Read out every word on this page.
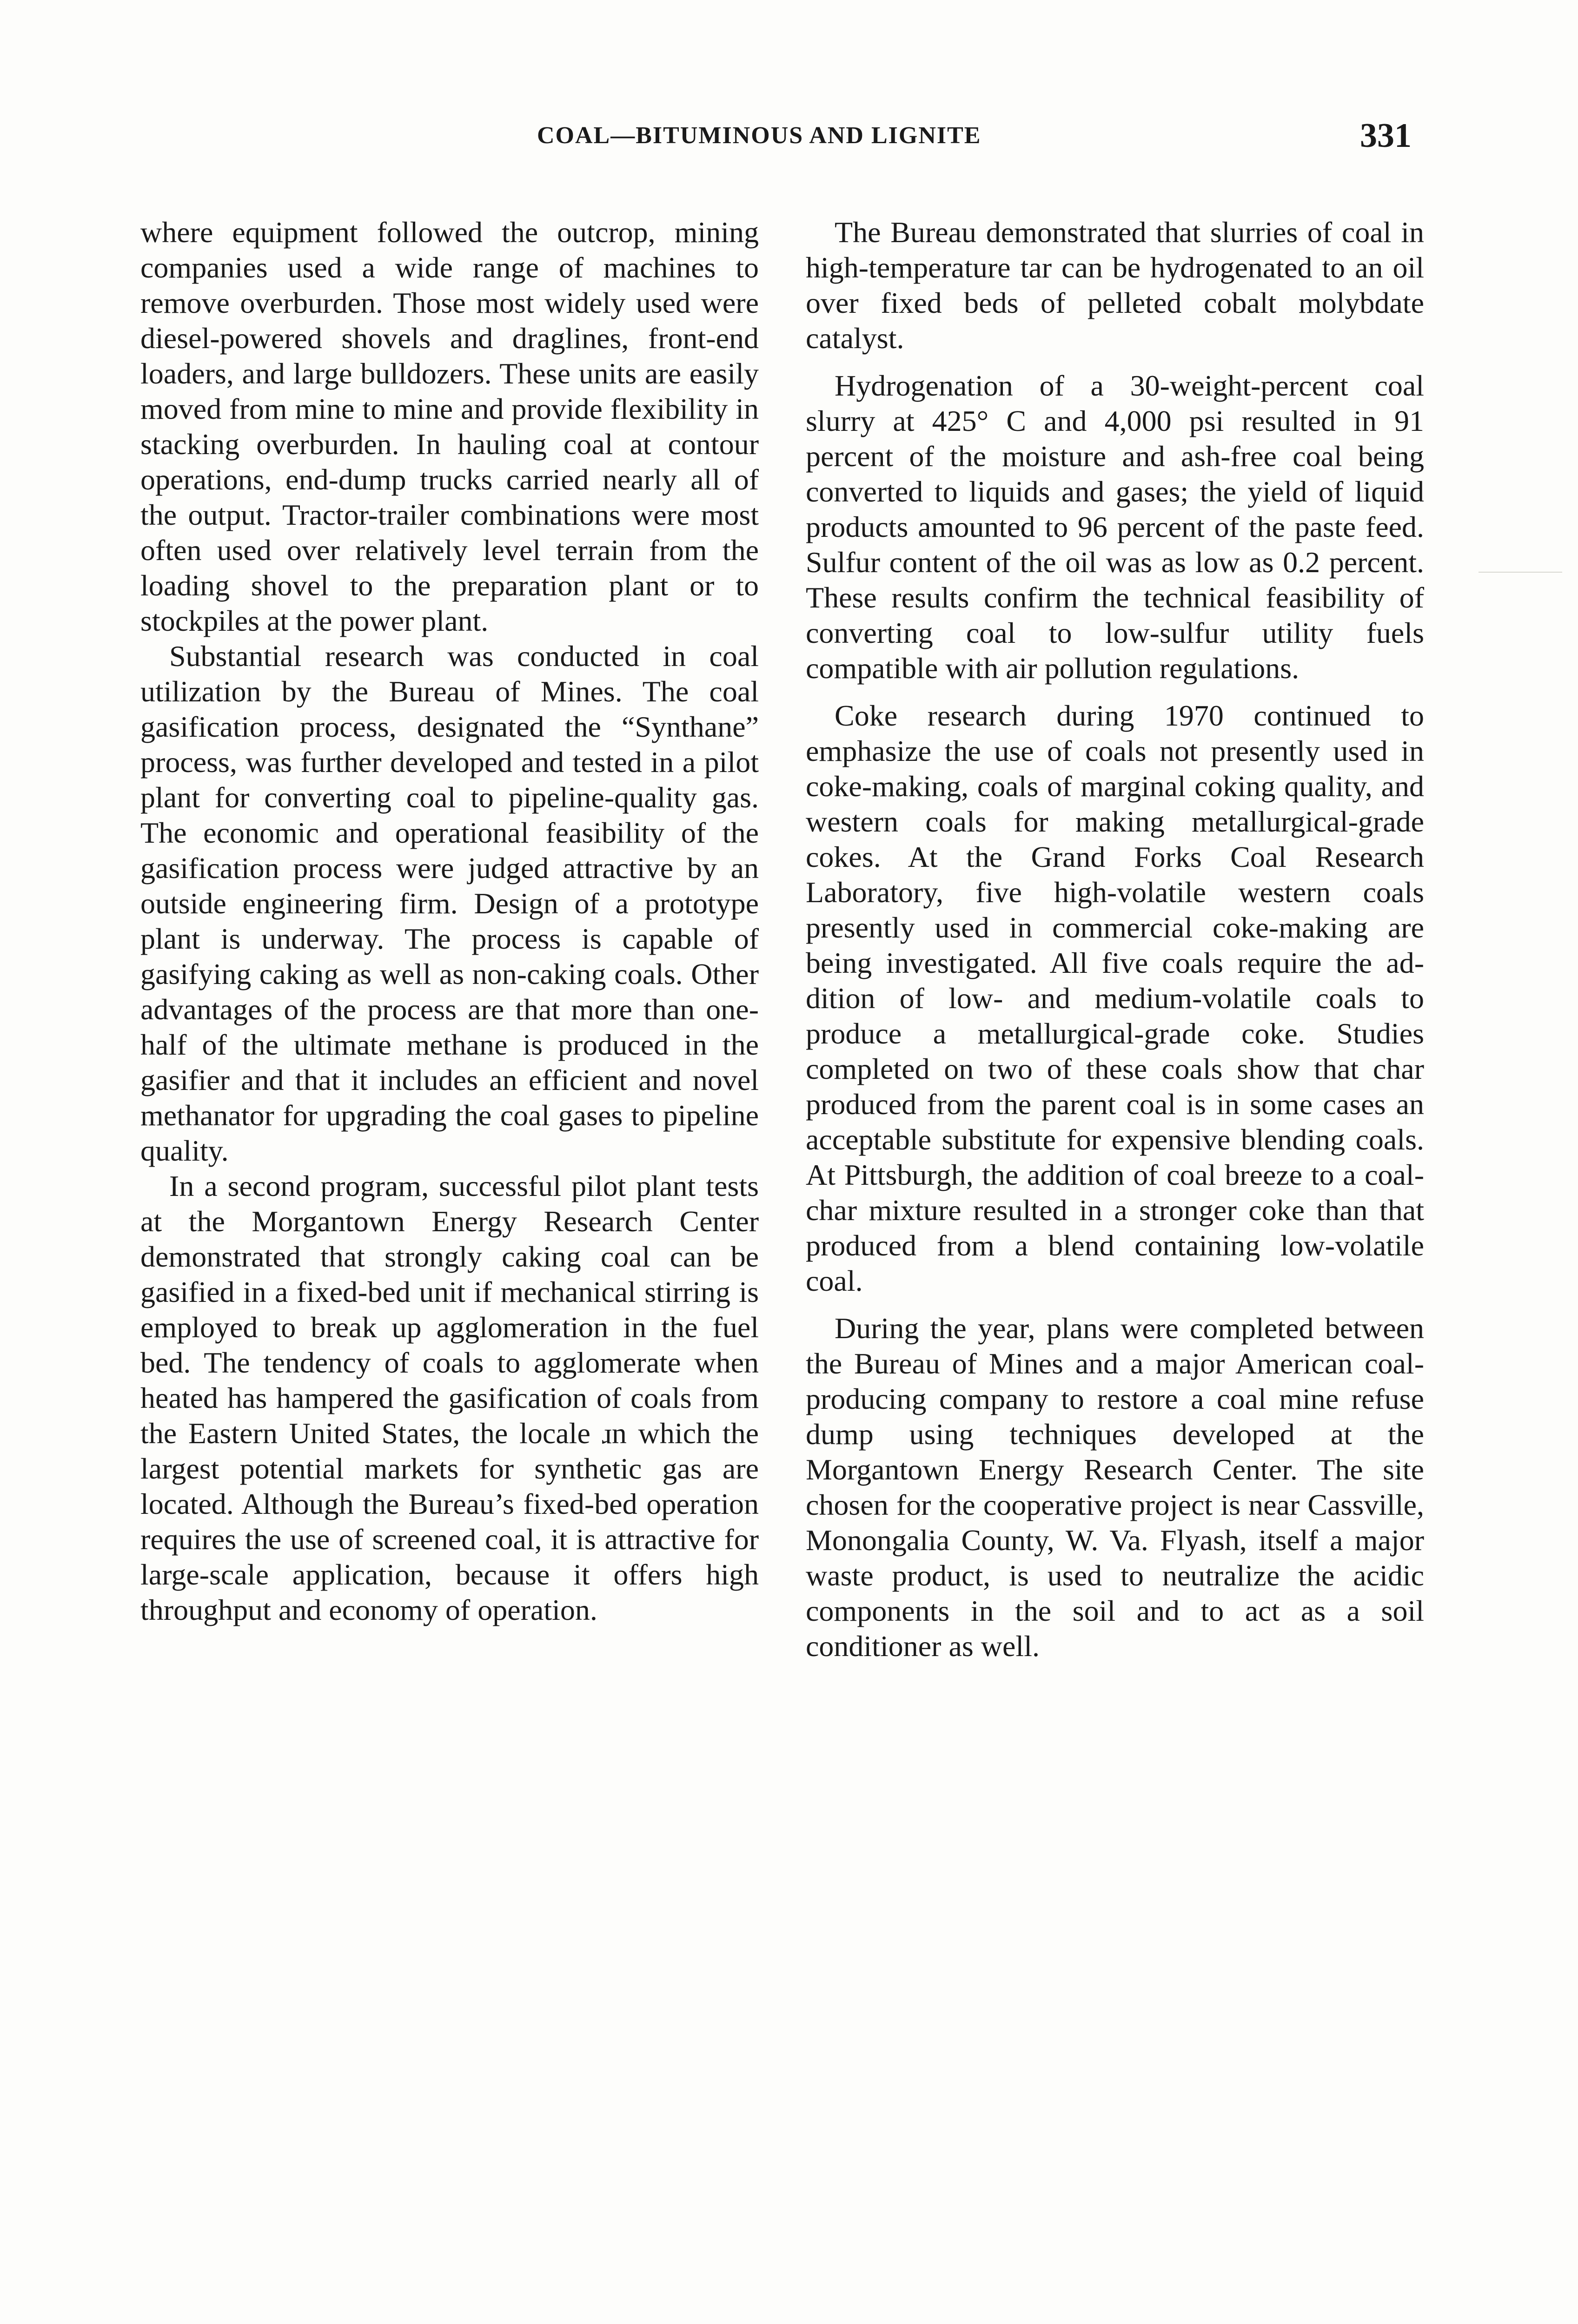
COAL—BITUMINOUS AND LIGNITE	331

where equipment followed the outcrop, mining companies used a wide range of machines to remove overburden. Those most widely used were diesel-powered shovels and draglines, front-end loaders, and large bulldozers. These units are easily moved from mine to mine and provide flexibility in stacking overburden. In hauling coal at contour operations, end-dump trucks carried nearly all of the output. Tractor-trailer combinations were most often used over relatively level terrain from the loading shovel to the preparation plant or to stockpiles at the power plant.

Substantial research was conducted in coal utilization by the Bureau of Mines. The coal gasification process, designated the “Synthane” process, was further developed and tested in a pilot plant for converting coal to pipeline-quality gas. The economic and operational feasibility of the gasification process were judged attractive by an outside engineering firm. Design of a prototype plant is underway. The process is capable of gasifying caking as well as non-caking coals. Other advantages of the process are that more than one-half of the ultimate methane is produced in the gasifier and that it includes an efficient and novel methanator for upgrading the coal gases to pipeline quality.

In a second program, successful pilot plant tests at the Morgantown Energy Research Center demonstrated that strongly caking coal can be gasified in a fixed-bed unit if mechanical stirring is employed to break up agglomeration in the fuel bed. The tendency of coals to agglomerate when heated has hampered the gasification of coals from the Eastern United States, the locale ɹn which the largest potential markets for synthetic gas are located. Although the Bureau’s fixed-bed operation requires the use of screened coal, it is attractive for large-scale application, because it offers high throughput and economy of operation.

The Bureau demonstrated that slurries of coal in high-temperature tar can be hydrogenated to an oil over fixed beds of pelleted cobalt molybdate catalyst.

Hydrogenation of a 30-weight-percent coal slurry at 425° C and 4,000 psi resulted in 91 percent of the moisture and ash-free coal being converted to liquids and gases; the yield of liquid products amounted to 96 percent of the paste feed. Sulfur content of the oil was as low as 0.2 percent. These results confirm the technical feasibility of converting coal to low-sulfur utility fuels compatible with air pollution regulations.

Coke research during 1970 continued to emphasize the use of coals not presently used in coke-making, coals of marginal coking quality, and western coals for making metallurgical-grade cokes. At the Grand Forks Coal Research Laboratory, five high-volatile western coals presently used in commercial coke-making are being investigated. All five coals require the addition of low- and medium-volatile coals to produce a metallurgical-grade coke. Studies completed on two of these coals show that char produced from the parent coal is in some cases an acceptable substitute for expensive blending coals. At Pittsburgh, the addition of coal breeze to a coal-char mixture resulted in a stronger coke than that produced from a blend containing low-volatile coal.

During the year, plans were completed between the Bureau of Mines and a major American coal-producing company to restore a coal mine refuse dump using techniques developed at the Morgantown Energy Research Center. The site chosen for the cooperative project is near Cassville, Monongalia County, W. Va. Flyash, itself a major waste product, is used to neutralize the acidic components in the soil and to act as a soil conditioner as well.
